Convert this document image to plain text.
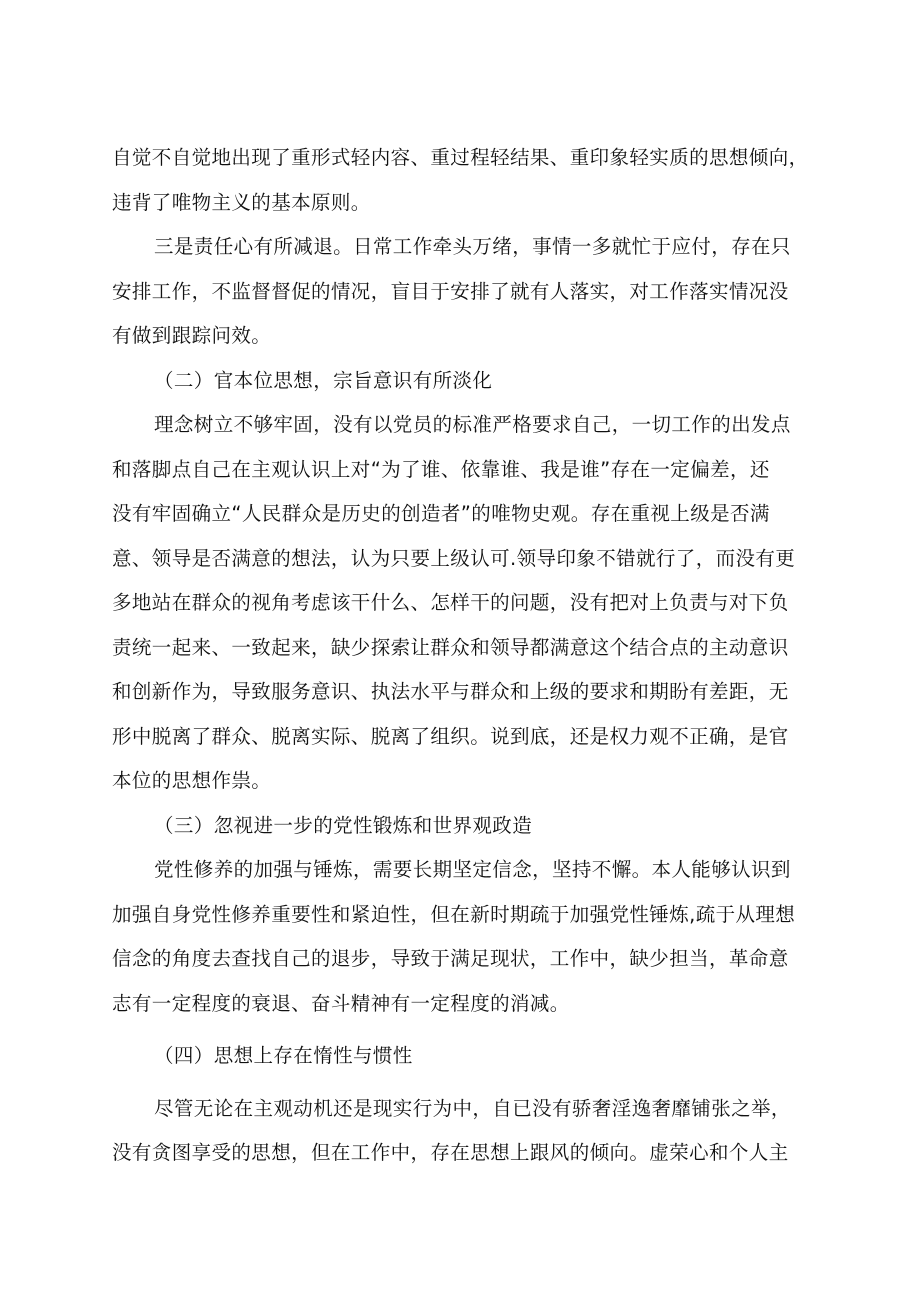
自觉不自觉地出现了重形式轻内容、重过程轻结果、重印象轻实质的思想倾向，
违背了唯物主义的基本原则。
三是责任心有所减退。日常工作牵头万绪，事情一多就忙于应付，存在只
安排工作，不监督督促的情况，盲目于安排了就有人落实，对工作落实情况没
有做到跟踪问效。
（二）官本位思想，宗旨意识有所淡化
理念树立不够牢固，没有以党员的标准严格要求自己，一切工作的出发点
和落脚点自己在主观认识上对“为了谁、依靠谁、我是谁”存在一定偏差，还
没有牢固确立“人民群众是历史的创造者”的唯物史观。存在重视上级是否满
意、领导是否满意的想法，认为只要上级认可.领导印象不错就行了，而没有更
多地站在群众的视角考虑该干什么、怎样干的问题，没有把对上负责与对下负
责统一起来、一致起来，缺少探索让群众和领导都满意这个结合点的主动意识
和创新作为，导致服务意识、执法水平与群众和上级的要求和期盼有差距，无
形中脱离了群众、脱离实际、脱离了组织。说到底，还是权力观不正确，是官
本位的思想作祟。
（三）忽视进一步的党性锻炼和世界观政造
党性修养的加强与锤炼，需要长期坚定信念，坚持不懈。本人能够认识到
加强自身党性修养重要性和紧迫性，但在新时期疏于加强党性锤炼,疏于从理想
信念的角度去查找自己的退步，导致于满足现状，工作中，缺少担当，革命意
志有一定程度的衰退、奋斗精神有一定程度的消减。
（四）思想上存在惰性与惯性
尽管无论在主观动机还是现实行为中，自已没有骄奢淫逸奢靡铺张之举，
没有贪图享受的思想，但在工作中，存在思想上跟风的倾向。虚荣心和个人主
